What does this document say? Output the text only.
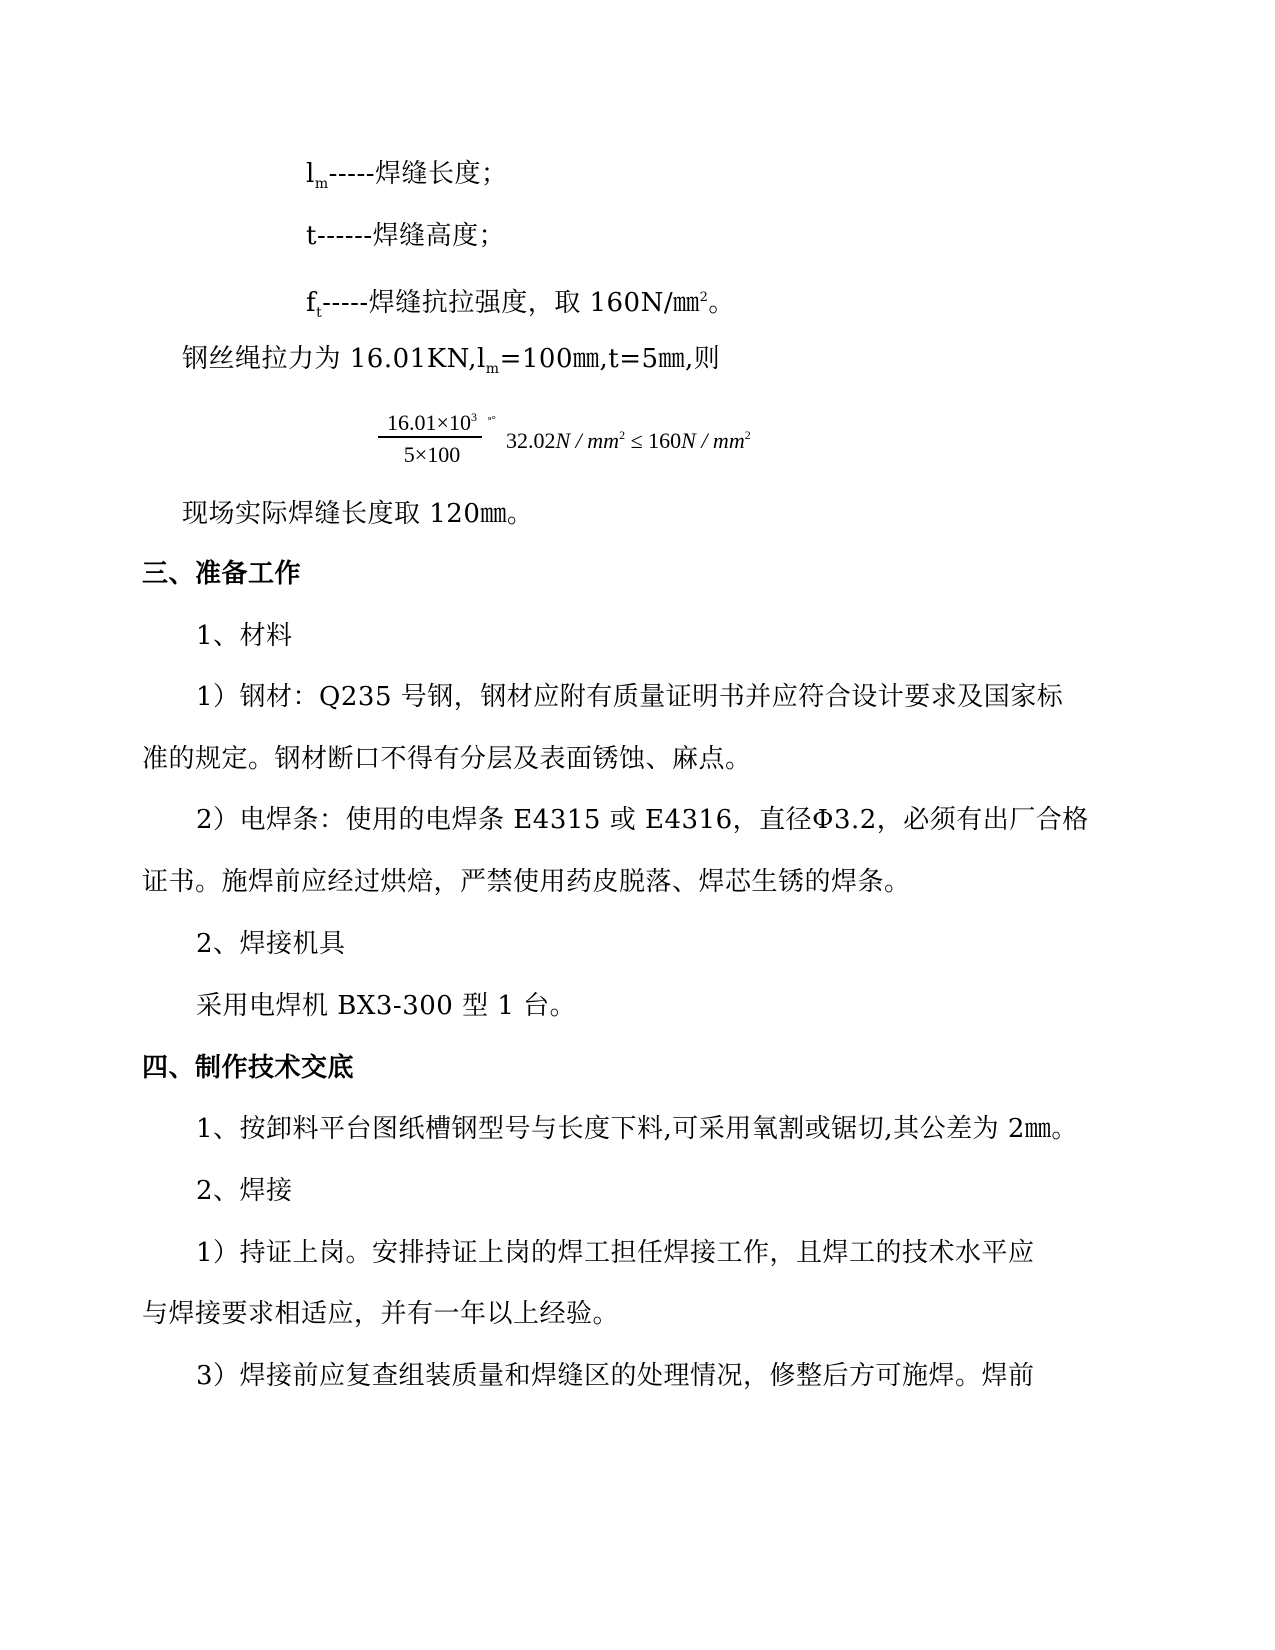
$l_m-----$焊缝长度；
t------焊缝高度；
$f_t-----$焊缝抗拉强度，取 160N/㎜$^2$。
钢丝绳拉力为 $16.01KN,l_m=100㎜,t=5㎜$,则
$16.01\times 10^3$
5×100
ⁿ°
$32.02N / mm^2 \le 160N / mm^2$
现场实际焊缝长度取 120㎜。
三、准备工作
1、材料
1）钢材：Q235 号钢，钢材应附有质量证明书并应符合设计要求及国家标
准的规定。钢材断口不得有分层及表面锈蚀、麻点。
2）电焊条：使用的电焊条 E4315 或 E4316，直径Φ3.2，必须有出厂合格
证书。施焊前应经过烘焙，严禁使用药皮脱落、焊芯生锈的焊条。
2、焊接机具
采用电焊机 BX3-300 型 1 台。
四、制作技术交底
1、按卸料平台图纸槽钢型号与长度下料,可采用氧割或锯切,其公差为 2㎜。
2、焊接
1）持证上岗。安排持证上岗的焊工担任焊接工作，且焊工的技术水平应
与焊接要求相适应，并有一年以上经验。
3）焊接前应复查组装质量和焊缝区的处理情况，修整后方可施焊。焊前
